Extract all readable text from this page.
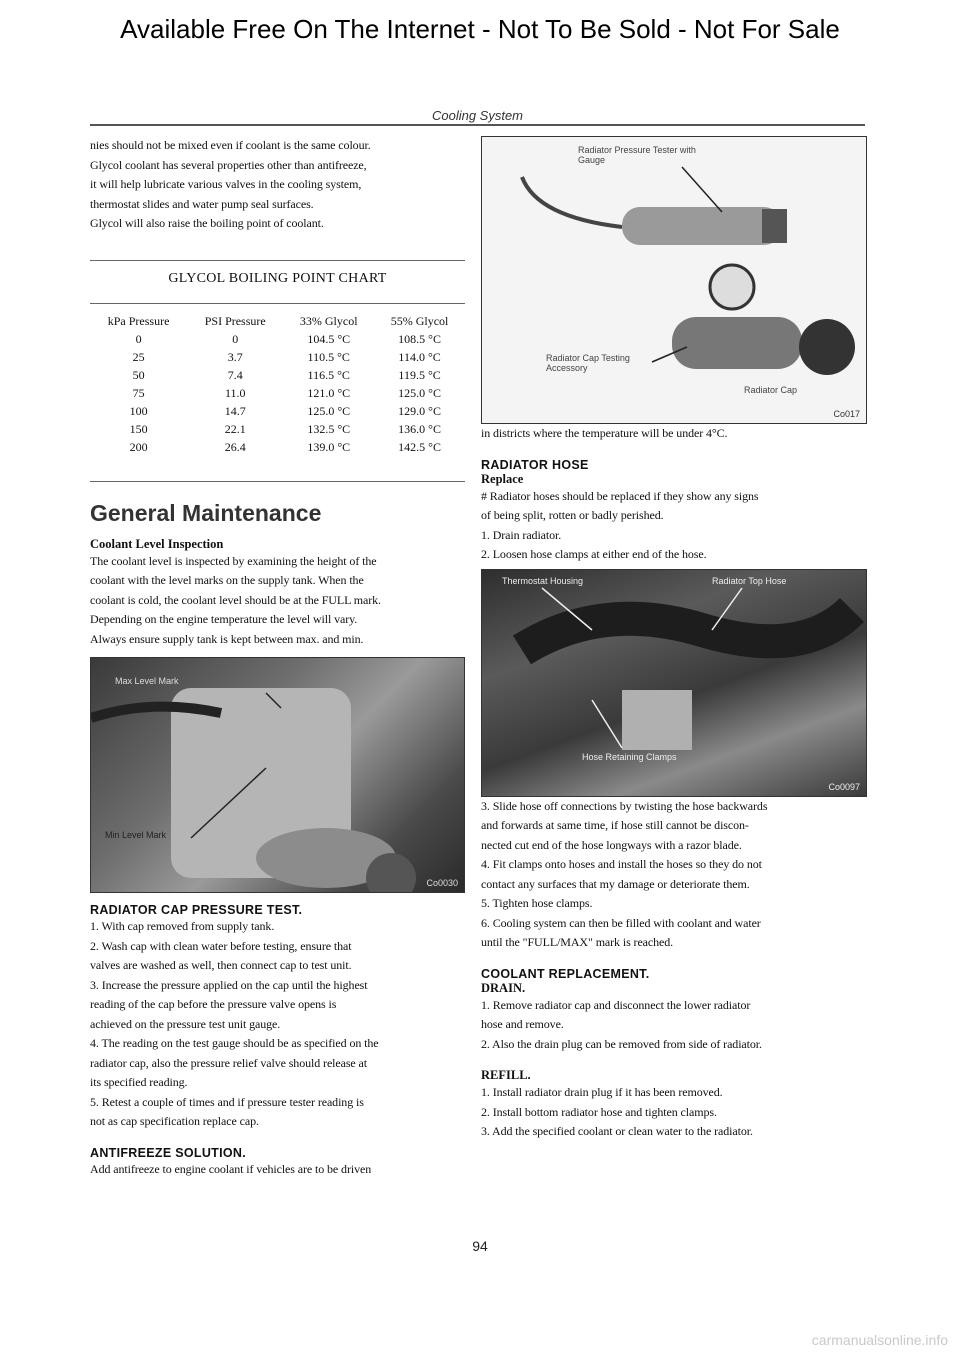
Available Free On The Internet - Not To Be Sold - Not For Sale
Cooling System

nies should not be mixed even if coolant is the same colour.
Glycol coolant has several properties other than antifreeze,
it will help lubricate various valves in the cooling system,
thermostat slides and water pump seal surfaces.
Glycol will also raise the boiling point of coolant.

GLYCOL BOILING POINT CHART
kPa Pressure	PSI Pressure	33% Glycol	55% Glycol
0	0	104.5 °C	108.5 °C
25	3.7	110.5 °C	114.0 °C
50	7.4	116.5 °C	119.5 °C
75	11.0	121.0 °C	125.0 °C
100	14.7	125.0 °C	129.0 °C
150	22.1	132.5 °C	136.0 °C
200	26.4	139.0 °C	142.5 °C
General Maintenance
Coolant Level Inspection

The coolant level is inspected by examining the height of the
coolant with the level marks on the supply tank. When the
coolant is cold, the coolant level should be at the FULL mark.
Depending on the engine temperature the level will vary.
Always ensure supply tank is kept between max. and min.

Max Level Mark
Min Level Mark
Co0030
RADIATOR CAP PRESSURE TEST.

1. With cap removed from supply tank.
2. Wash cap with clean water before testing, ensure that
valves are washed as well, then connect cap to test unit.
3. Increase the pressure applied on the cap until the highest
reading of the cap before the pressure valve opens is
achieved on the pressure test unit gauge.
4. The reading on the test gauge should be as specified on the
radiator cap, also the pressure relief valve should release at
its specified reading.
5. Retest a couple of times and if pressure tester reading is
not as cap specification replace cap.

ANTIFREEZE SOLUTION.

Add antifreeze to engine coolant if vehicles are to be driven

Radiator Pressure Tester with Gauge
Radiator Cap Testing Accessory
Radiator Cap
Co017

in districts where the temperature will be under 4°C.

RADIATOR HOSE
Replace

# Radiator hoses should be replaced if they show any signs
of being split, rotten or badly perished.
1. Drain radiator.
2. Loosen hose clamps at either end of the hose.

Thermostat Housing	Radiator Top Hose
Hose Retaining Clamps
Co0097

3. Slide hose off connections by twisting the hose backwards
and forwards at same time, if hose still cannot be discon-
nected cut end of the hose longways with a razor blade.
4. Fit clamps onto hoses and install the hoses so they do not
contact any surfaces that my damage or deteriorate them.
5. Tighten hose clamps.
6. Cooling system can then be filled with coolant and water
until the "FULL/MAX" mark is reached.

COOLANT REPLACEMENT.
DRAIN.

1. Remove radiator cap and disconnect the lower radiator
hose and remove.
2. Also the drain plug can be removed from side of radiator.

REFILL.

1. Install radiator drain plug if it has been removed.
2. Install bottom radiator hose and tighten clamps.
3. Add the specified coolant or clean water to the radiator.

94
carmanualsonline.info
